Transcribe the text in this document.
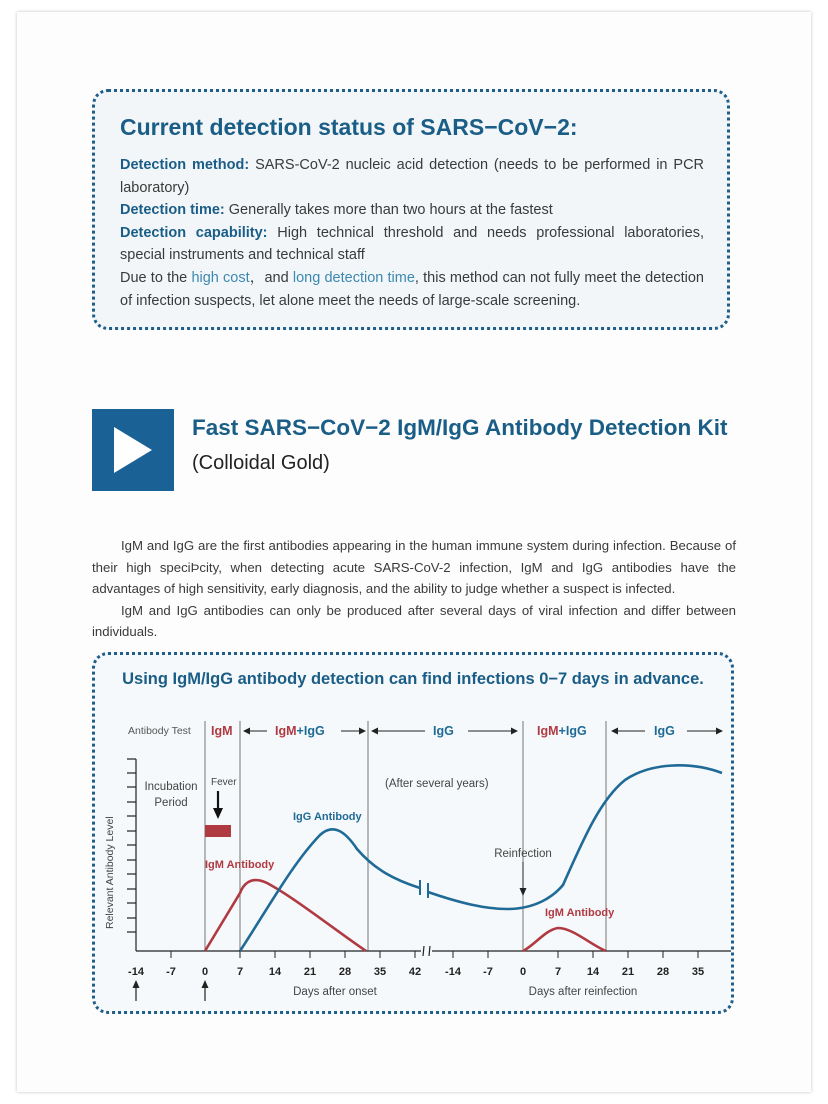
Current detection status of SARS−CoV−2:
Detection method: SARS-CoV-2 nucleic acid detection (needs to be performed in PCR laboratory)
Detection time: Generally takes more than two hours at the fastest
Detection capability: High technical threshold and needs professional laboratories, special instruments and technical staff
Due to the high cost，and long detection time, this method can not fully meet the detection of infection suspects, let alone meet the needs of large-scale screening.
Fast SARS−CoV−2 IgM/IgG Antibody Detection Kit
(Colloidal Gold)

IgM and IgG are the first antibodies appearing in the human immune system during infection. Because of their high speciÞcity, when detecting acute SARS-CoV-2 infection, IgM and IgG antibodies have the advantages of high sensitivity, early diagnosis, and the ability to judge whether a suspect is infected.

IgM and IgG antibodies can only be produced after several days of viral infection and differ between individuals.

Using IgM/IgG antibody detection can find infections 0−7 days in advance.
Antibody Test IgM	IgM+IgG	IgG	IgM+IgG	IgG
Relevant Antibody Level
-14 -7 0	7 14 21 28 35 42 -14 -7 0	7 14 21 28 35
Days after onset	Days after reinfection
Incubation
Period
Fever	(After several years)
IgG Antibody
IgM Antibody
Reinfection
IgM Antibody
